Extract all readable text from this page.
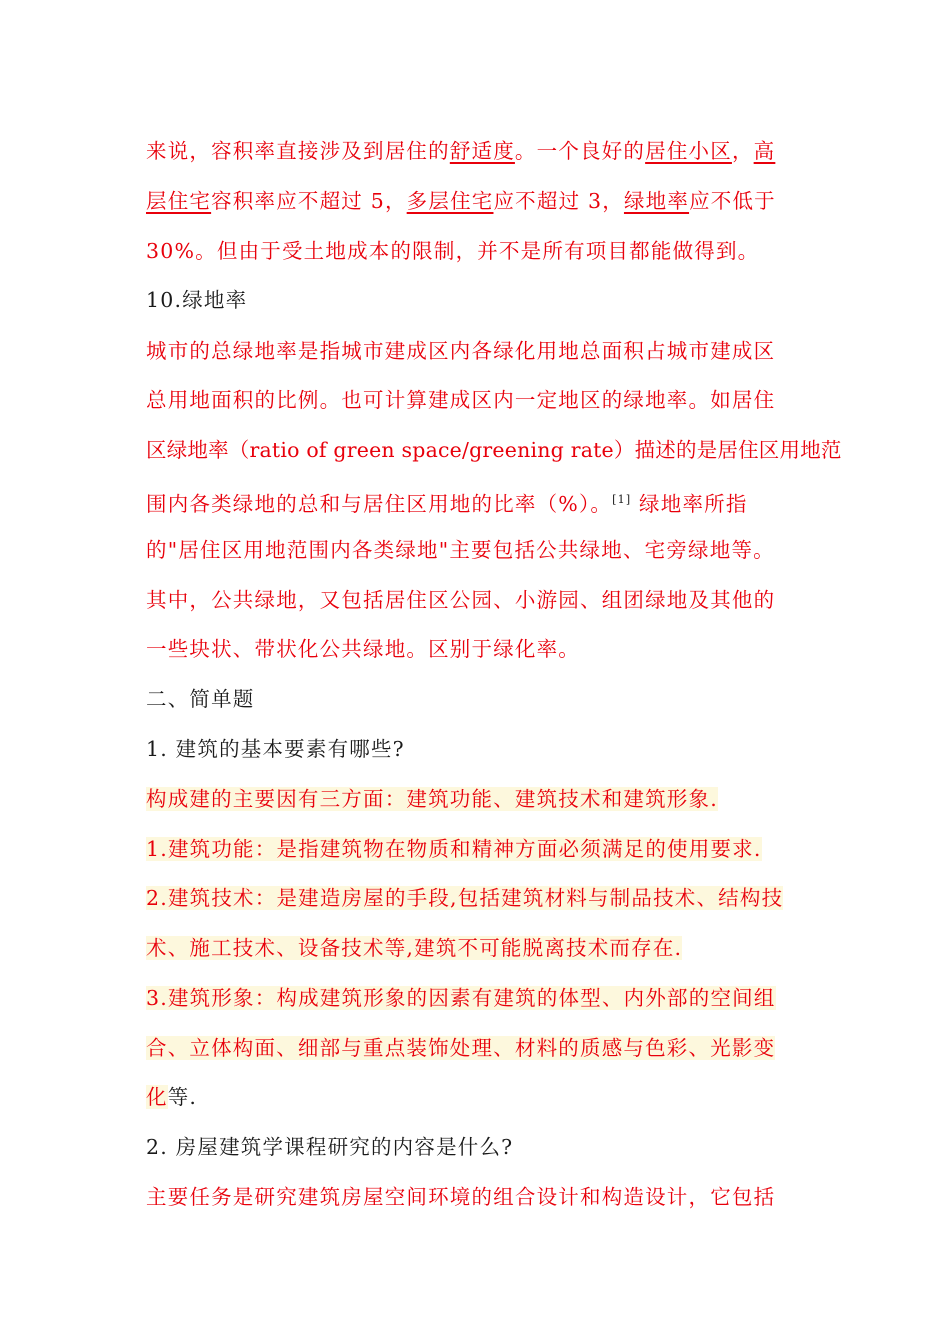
来说，容积率直接涉及到居住的舒适度。一个良好的居住小区，高
层住宅容积率应不超过 5，多层住宅应不超过 3，绿地率应不低于
30%。但由于受土地成本的限制，并不是所有项目都能做得到。
10.绿地率
城市的总绿地率是指城市建成区内各绿化用地总面积占城市建成区
总用地面积的比例。也可计算建成区内一定地区的绿地率。如居住
区绿地率（ratio of green space/greening rate）描述的是居住区用地范
围内各类绿地的总和与居住区用地的比率（%）。[1] 绿地率所指
的"居住区用地范围内各类绿地"主要包括公共绿地、宅旁绿地等。
其中，公共绿地，又包括居住区公园、小游园、组团绿地及其他的
一些块状、带状化公共绿地。区别于绿化率。
二、简单题
1. 建筑的基本要素有哪些?
构成建的主要因有三方面：建筑功能、建筑技术和建筑形象.
1.建筑功能：是指建筑物在物质和精神方面必须满足的使用要求.
2.建筑技术：是建造房屋的手段,包括建筑材料与制品技术、结构技
术、施工技术、设备技术等,建筑不可能脱离技术而存在.
3.建筑形象：构成建筑形象的因素有建筑的体型、内外部的空间组
合、立体构面、细部与重点装饰处理、材料的质感与色彩、光影变
化等.
2. 房屋建筑学课程研究的内容是什么?
主要任务是研究建筑房屋空间环境的组合设计和构造设计，它包括
